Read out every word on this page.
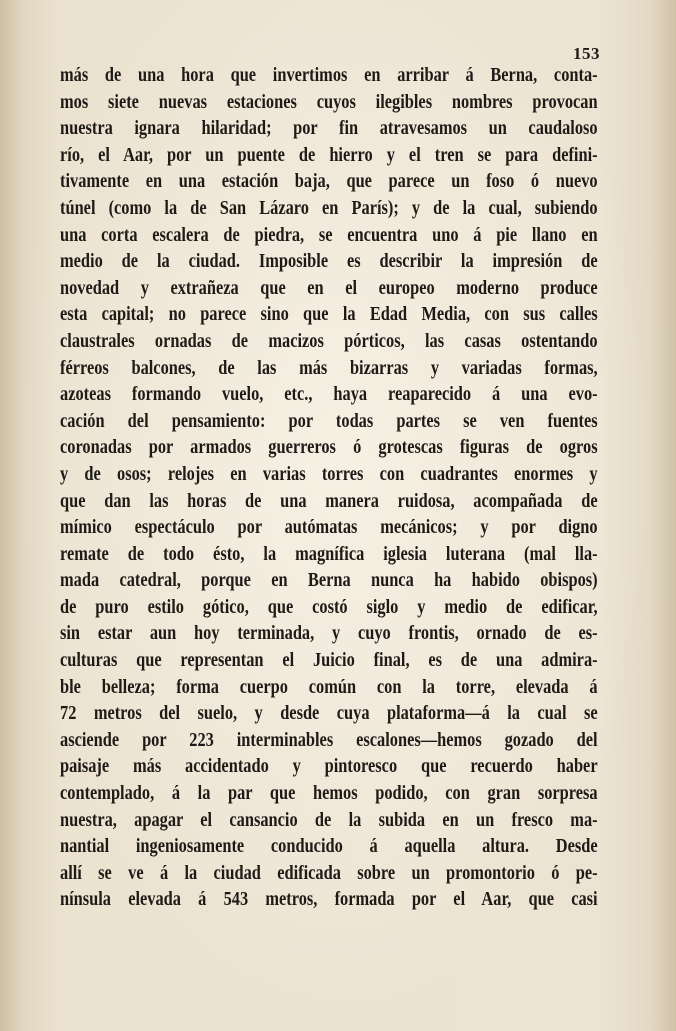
153
más de una hora que invertimos en arribar á Berna, conta-
mos siete nuevas estaciones cuyos ilegibles nombres provocan
nuestra ignara hilaridad; por fin atravesamos un caudaloso
río, el Aar, por un puente de hierro y el tren se para defini-
tivamente en una estación baja, que parece un foso ó nuevo
túnel (como la de San Lázaro en París); y de la cual, subiendo
una corta escalera de piedra, se encuentra uno á pie llano en
medio de la ciudad. Imposible es describir la impresión de
novedad y extrañeza que en el europeo moderno produce
esta capital; no parece sino que la Edad Media, con sus calles
claustrales ornadas de macizos pórticos, las casas ostentando
férreos balcones, de las más bizarras y variadas formas,
azoteas formando vuelo, etc., haya reaparecido á una evo-
cación del pensamiento: por todas partes se ven fuentes
coronadas por armados guerreros ó grotescas figuras de ogros
y de osos; relojes en varias torres con cuadrantes enormes y
que dan las horas de una manera ruidosa, acompañada de
mímico espectáculo por autómatas mecánicos; y por digno
remate de todo ésto, la magnífica iglesia luterana (mal lla-
mada catedral, porque en Berna nunca ha habido obispos)
de puro estilo gótico, que costó siglo y medio de edificar,
sin estar aun hoy terminada, y cuyo frontis, ornado de es-
culturas que representan el Juicio final, es de una admira-
ble belleza; forma cuerpo común con la torre, elevada á
72 metros del suelo, y desde cuya plataforma—á la cual se
asciende por 223 interminables escalones—hemos gozado del
paisaje más accidentado y pintoresco que recuerdo haber
contemplado, á la par que hemos podido, con gran sorpresa
nuestra, apagar el cansancio de la subida en un fresco ma-
nantial ingeniosamente conducido á aquella altura. Desde
allí se ve á la ciudad edificada sobre un promontorio ó pe-
nínsula elevada á 543 metros, formada por el Aar, que casi
